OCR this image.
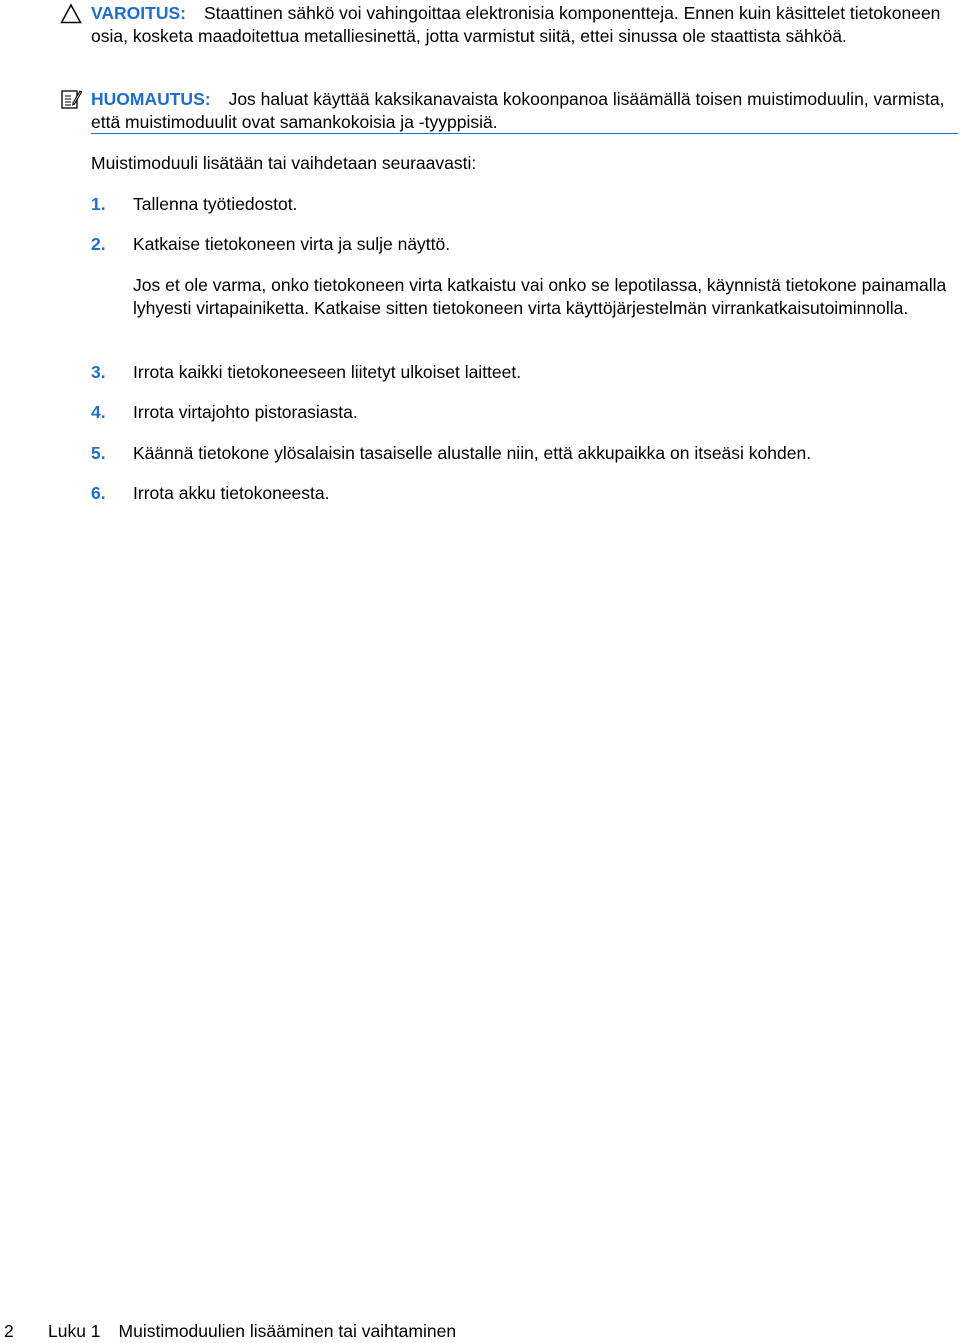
VAROITUS: Staattinen sähkö voi vahingoittaa elektronisia komponentteja. Ennen kuin käsittelet tietokoneen osia, kosketa maadoitettua metalliesinettä, jotta varmistut siitä, ettei sinussa ole staattista sähköä.

HUOMAUTUS: Jos haluat käyttää kaksikanavaista kokoonpanoa lisäämällä toisen muistimoduulin, varmista, että muistimoduulit ovat samankokoisia ja -tyyppisiä.

Muistimoduuli lisätään tai vaihdetaan seuraavasti:
1. Tallenna työtiedostot.
2. Katkaise tietokoneen virta ja sulje näyttö.
Jos et ole varma, onko tietokoneen virta katkaistu vai onko se lepotilassa, käynnistä tietokone painamalla lyhyesti virtapainiketta. Katkaise sitten tietokoneen virta käyttöjärjestelmän virrankatkaisutoiminnolla.
3. Irrota kaikki tietokoneeseen liitetyt ulkoiset laitteet.
4. Irrota virtajohto pistorasiasta.
5. Käännä tietokone ylösalaisin tasaiselle alustalle niin, että akkupaikka on itseäsi kohden.
6. Irrota akku tietokoneesta.
2 Luku 1 Muistimoduulien lisääminen tai vaihtaminen
